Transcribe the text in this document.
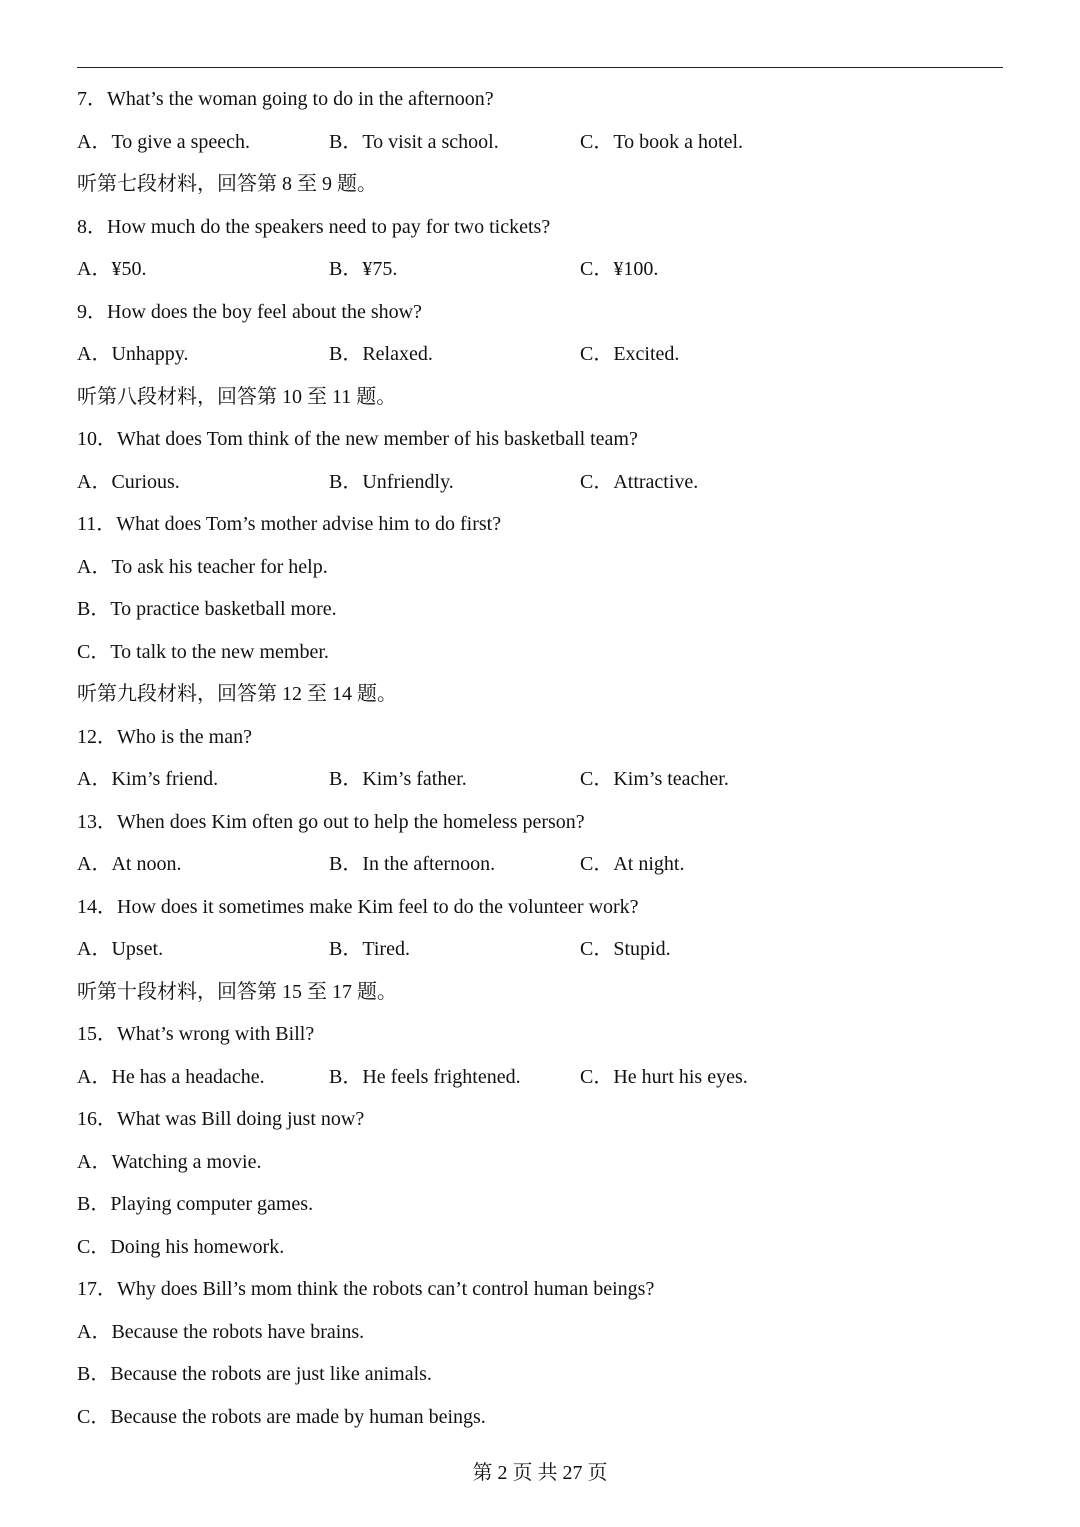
7．What’s the woman going to do in the afternoon?
A．To give a speech.	B．To visit a school.	C．To book a hotel.
听第七段材料，回答第 8 至 9 题。
8．How much do the speakers need to pay for two tickets?
A．¥50.	B．¥75.	C．¥100.
9．How does the boy feel about the show?
A．Unhappy.	B．Relaxed.	C．Excited.
听第八段材料，回答第 10 至 11 题。
10．What does Tom think of the new member of his basketball team?
A．Curious.	B．Unfriendly.	C．Attractive.
11．What does Tom’s mother advise him to do first?
A．To ask his teacher for help.
B．To practice basketball more.
C．To talk to the new member.
听第九段材料，回答第 12 至 14 题。
12．Who is the man?
A．Kim’s friend.	B．Kim’s father.	C．Kim’s teacher.
13．When does Kim often go out to help the homeless person?
A．At noon.	B．In the afternoon.	C．At night.
14．How does it sometimes make Kim feel to do the volunteer work?
A．Upset.	B．Tired.	C．Stupid.
听第十段材料，回答第 15 至 17 题。
15．What’s wrong with Bill?
A．He has a headache.	B．He feels frightened.	C．He hurt his eyes.
16．What was Bill doing just now?
A．Watching a movie.
B．Playing computer games.
C．Doing his homework.
17．Why does Bill’s mom think the robots can’t control human beings?
A．Because the robots have brains.
B．Because the robots are just like animals.
C．Because the robots are made by human beings.
第 2 页 共 27 页
